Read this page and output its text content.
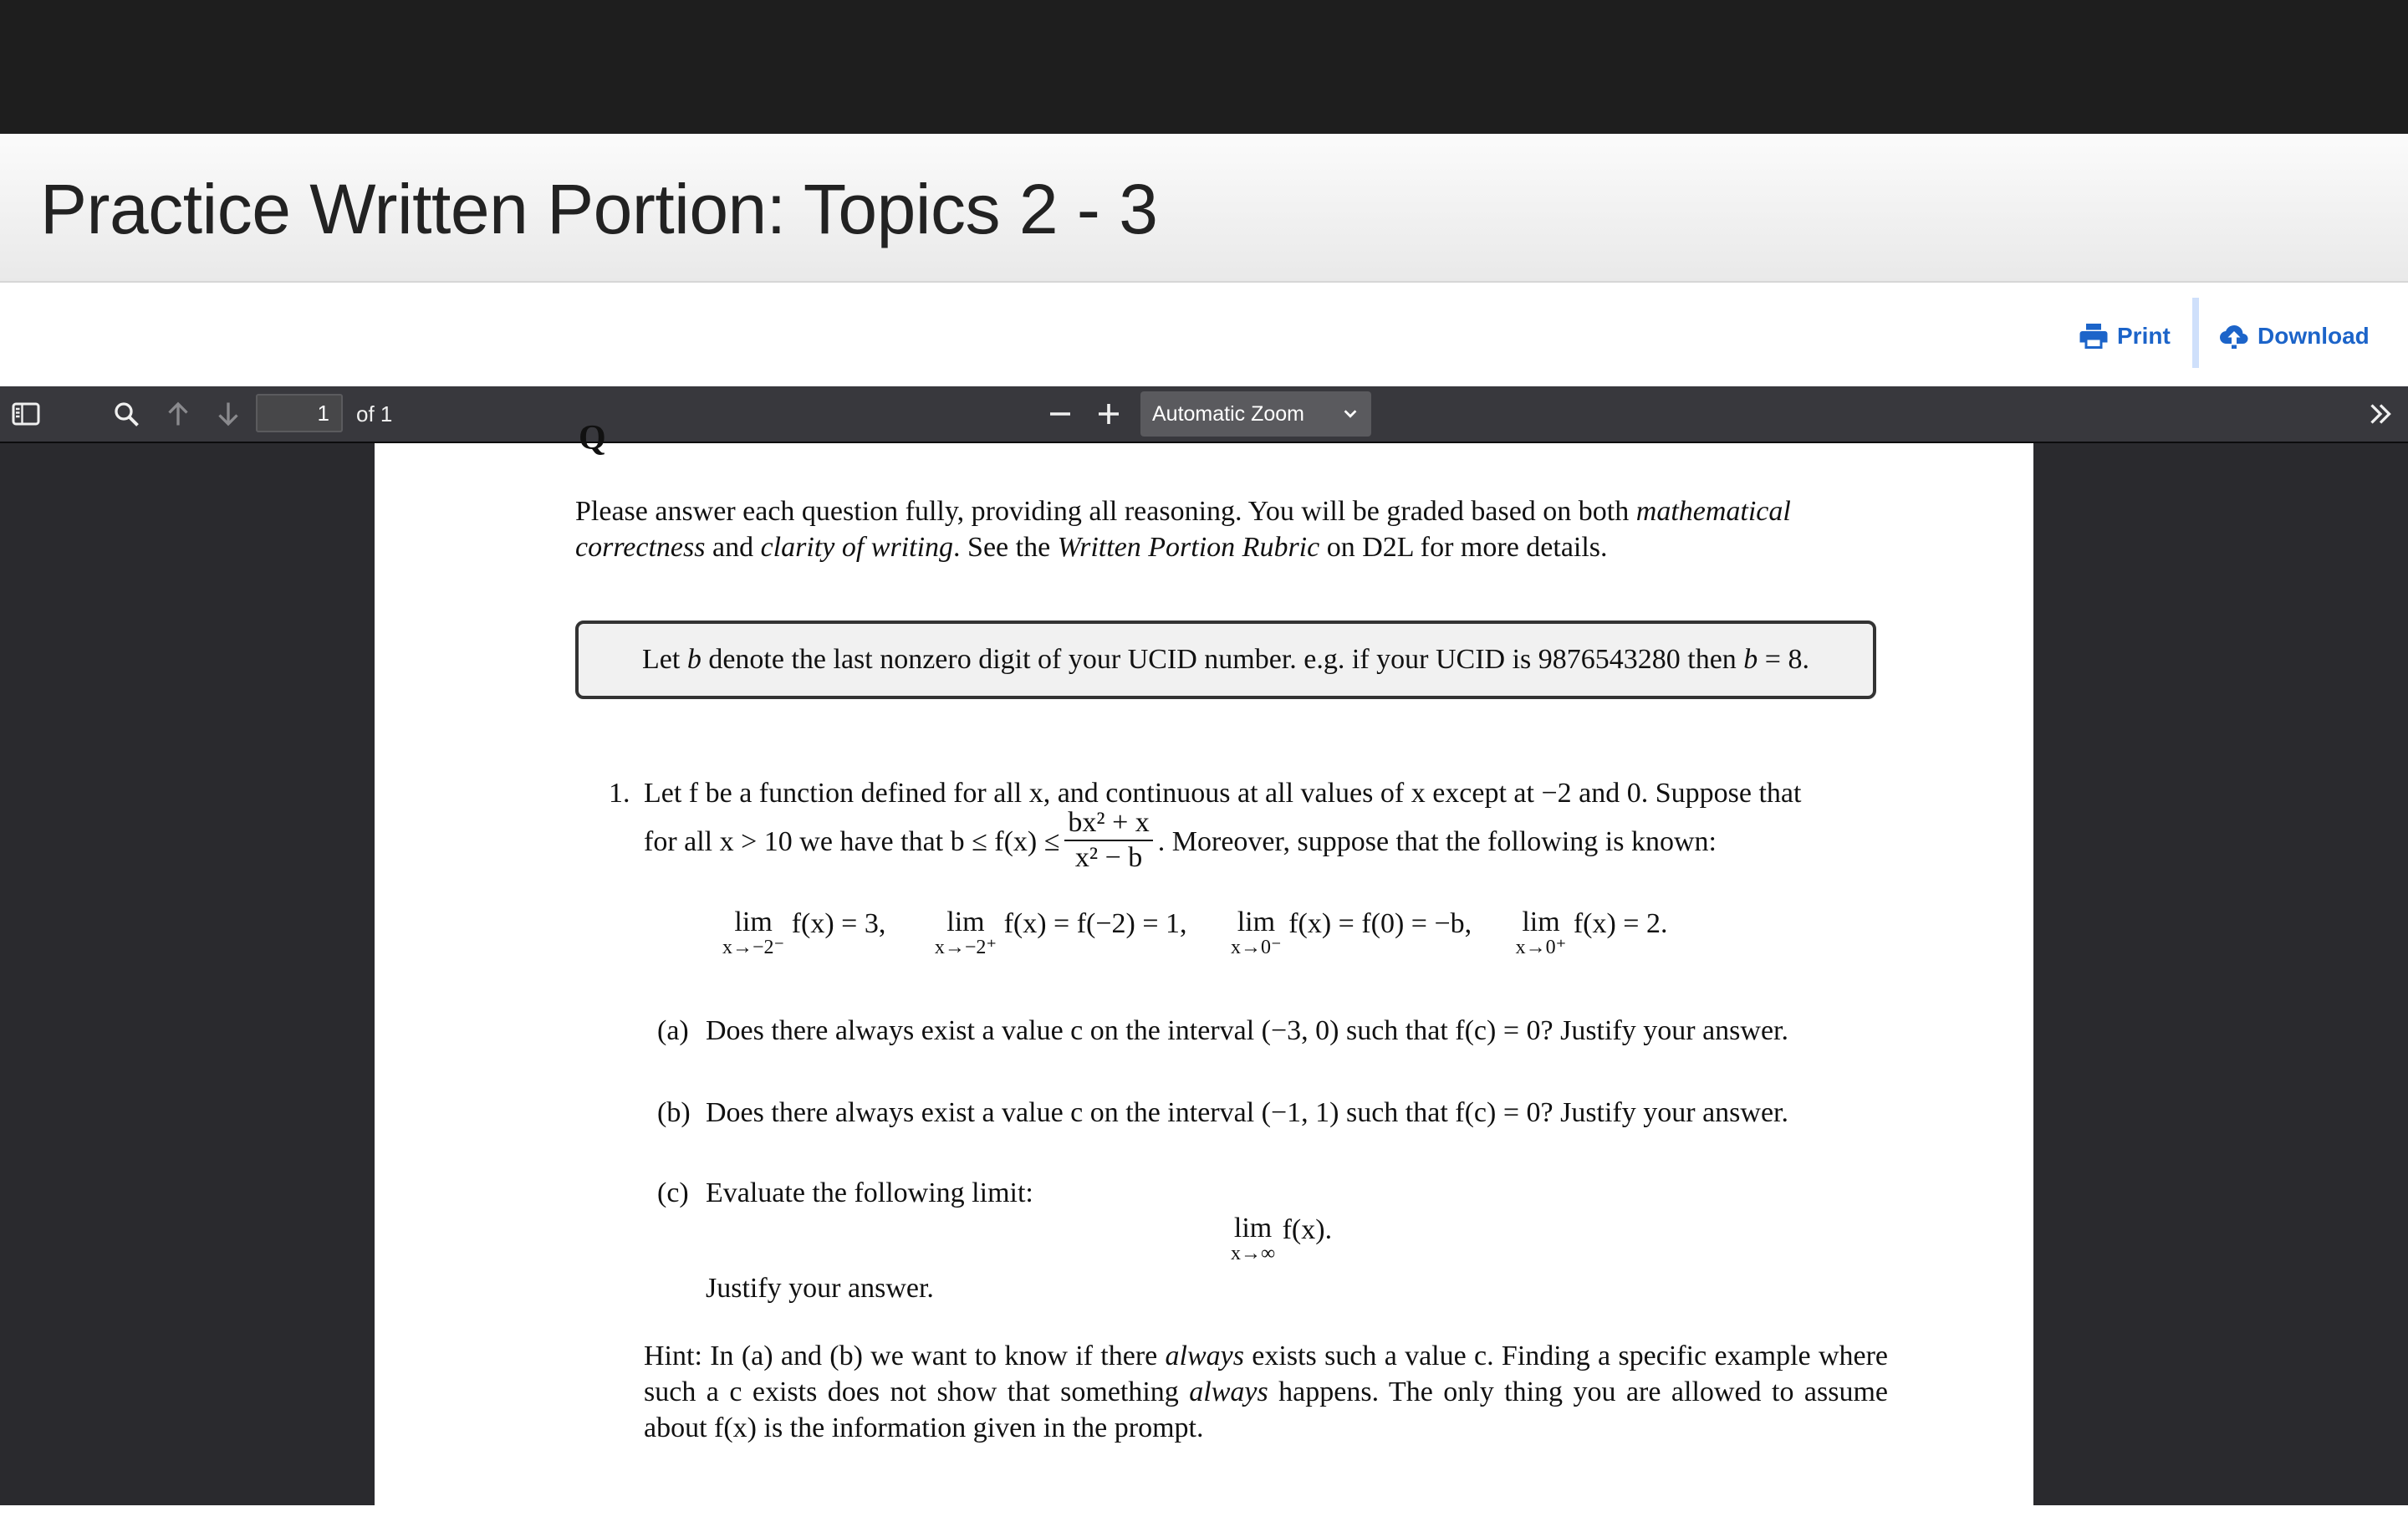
Practice Written Portion: Topics 2 - 3
Print	Download
1	of 1	Automatic Zoom
Q
Please answer each question fully, providing all reasoning. You will be graded based on both mathematical correctness and clarity of writing. See the Written Portion Rubric on D2L for more details.
Let b denote the last nonzero digit of your UCID number. e.g. if your UCID is 9876543280 then b = 8.
1. Let f be a function defined for all x, and continuous at all values of x except at −2 and 0. Suppose that
for all x > 10 we have that $b \le f(x) \le \frac{\text{bx² + x}}{\text{x² − b}}$ . Moreover, suppose that the following is known:
lim
x→−2⁻
f(x) = 3, lim
x→−2⁺
f(x) = f(−2) = 1, lim
x→0⁻
f(x) = f(0) = −b, lim
x→0⁺
f(x) = 2.
(a) Does there always exist a value c on the interval (−3, 0) such that f(c) = 0? Justify your answer.
(b) Does there always exist a value c on the interval (−1, 1) such that f(c) = 0? Justify your answer.
(c) Evaluate the following limit:
lim
x→∞
f(x).
Justify your answer.
Hint: In (a) and (b) we want to know if there always exists such a value c. Finding a specific example where such a c exists does not show that something always happens. The only thing you are allowed to assume about f(x) is the information given in the prompt.
